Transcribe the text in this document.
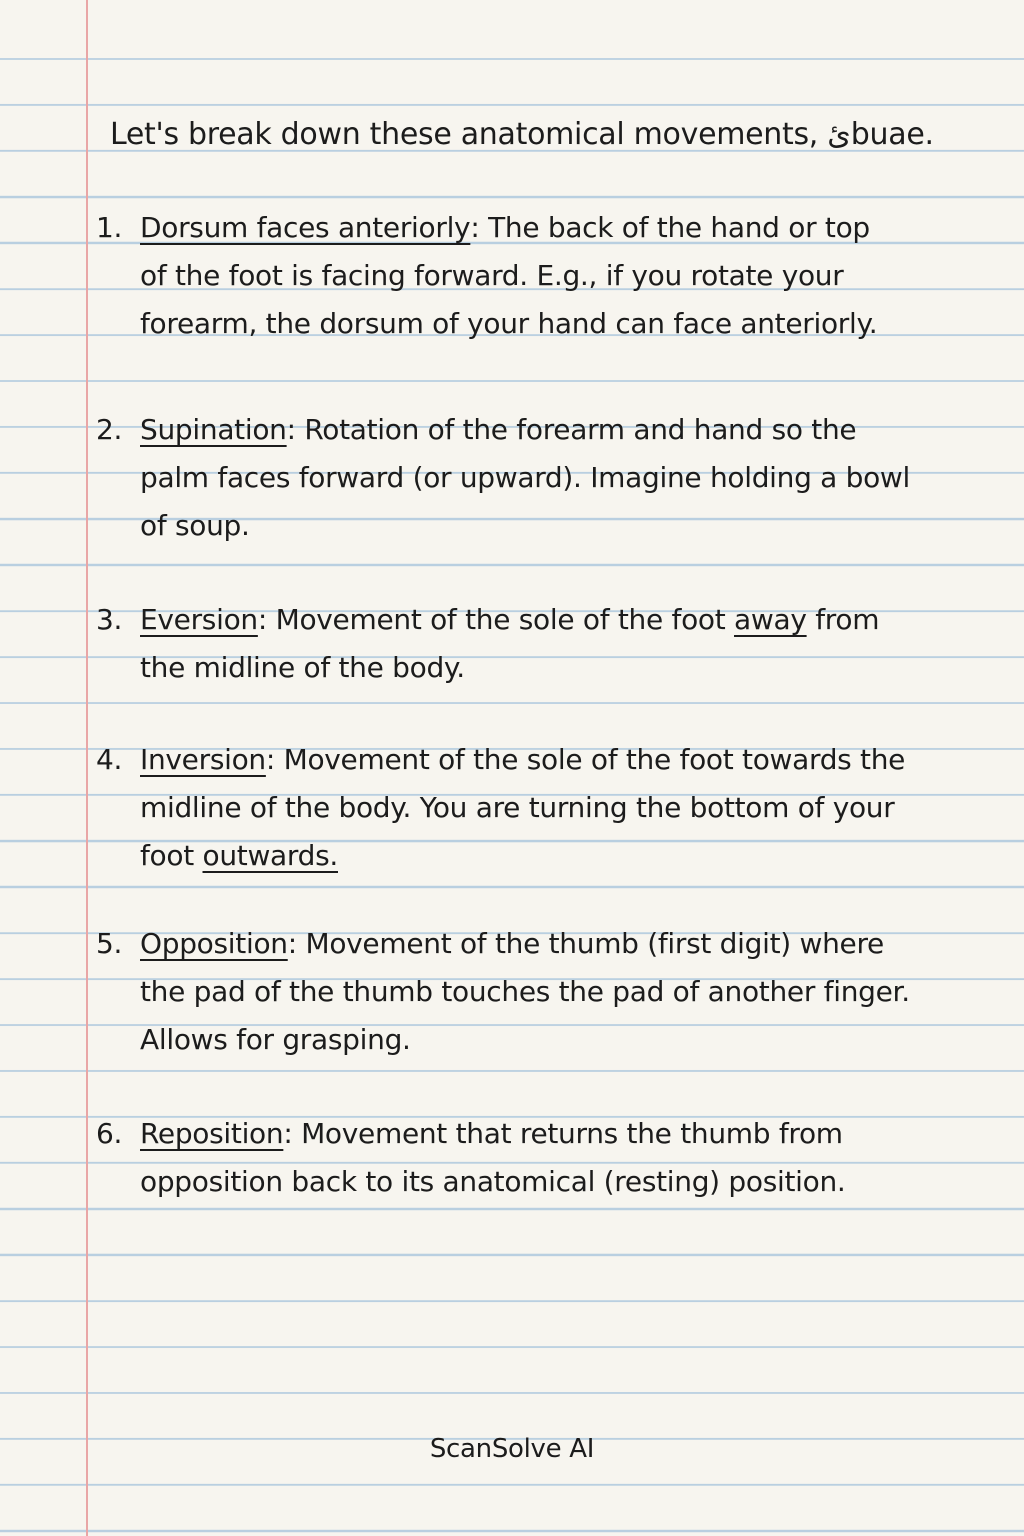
Let's break down these anatomical movements, ئbuae.
1. Dorsum faces anteriorly: The back of the hand or top
of the foot is facing forward. E.g., if you rotate your
forearm, the dorsum of your hand can face anteriorly.
2. Supination: Rotation of the forearm and hand so the
palm faces forward (or upward). Imagine holding a bowl
of soup.
3. Eversion: Movement of the sole of the foot away from
the midline of the body.
4. Inversion: Movement of the sole of the foot towards the
midline of the body. You are turning the bottom of your
foot outwards.
5. Opposition: Movement of the thumb (first digit) where
the pad of the thumb touches the pad of another finger.
Allows for grasping.
6. Reposition: Movement that returns the thumb from
opposition back to its anatomical (resting) position.
ScanSolve AI
